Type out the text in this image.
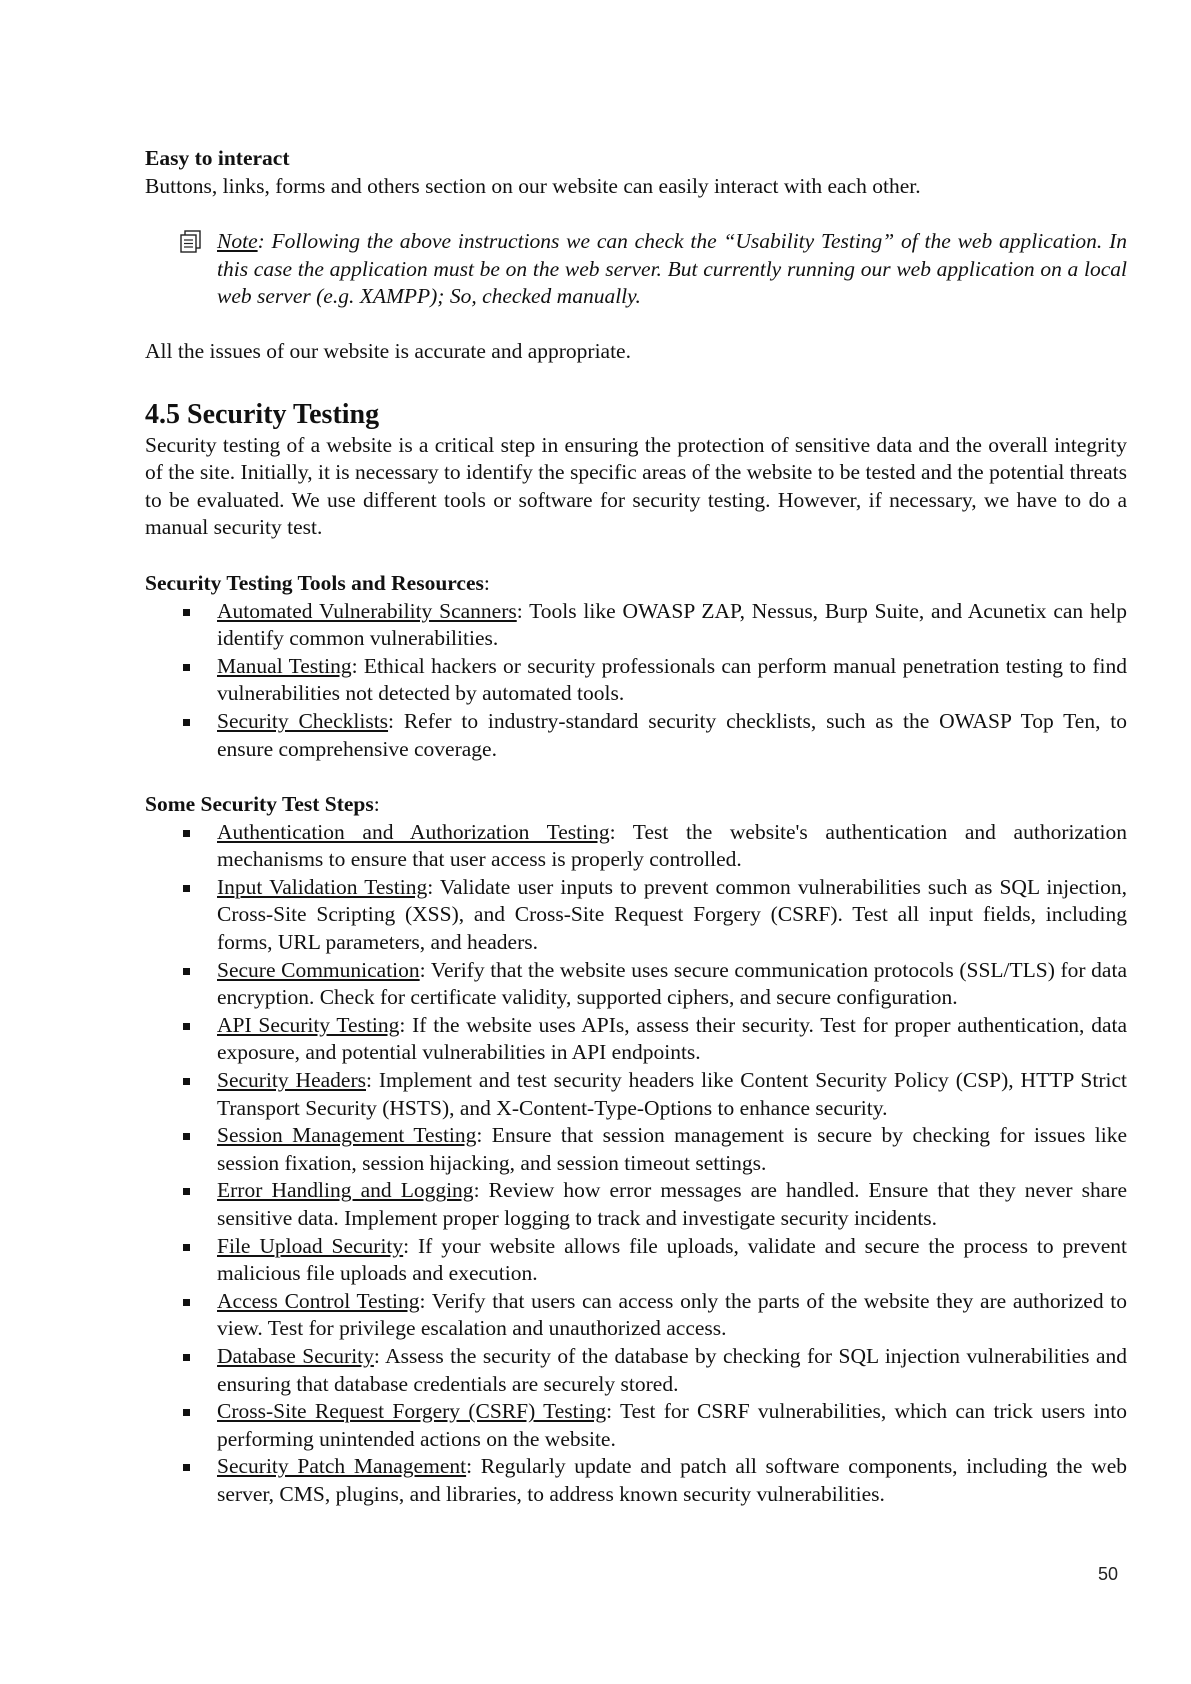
Easy to interact

Buttons, links, forms and others section on our website can easily interact with each other.

Note: Following the above instructions we can check the “Usability Testing” of the web application. In this case the application must be on the web server. But currently running our web application on a local web server (e.g. XAMPP); So, checked manually.

All the issues of our website is accurate and appropriate.

4.5 Security Testing

Security testing of a website is a critical step in ensuring the protection of sensitive data and the overall integrity of the site. Initially, it is necessary to identify the specific areas of the website to be tested and the potential threats to be evaluated. We use different tools or software for security testing. However, if necessary, we have to do a manual security test.

Security Testing Tools and Resources:

Automated Vulnerability Scanners: Tools like OWASP ZAP, Nessus, Burp Suite, and Acunetix can help identify common vulnerabilities.
Manual Testing: Ethical hackers or security professionals can perform manual penetration testing to find vulnerabilities not detected by automated tools.
Security Checklists: Refer to industry-standard security checklists, such as the OWASP Top Ten, to ensure comprehensive coverage.

Some Security Test Steps:

Authentication and Authorization Testing: Test the website's authentication and authorization mechanisms to ensure that user access is properly controlled.
Input Validation Testing: Validate user inputs to prevent common vulnerabilities such as SQL injection, Cross-Site Scripting (XSS), and Cross-Site Request Forgery (CSRF). Test all input fields, including forms, URL parameters, and headers.
Secure Communication: Verify that the website uses secure communication protocols (SSL/TLS) for data encryption. Check for certificate validity, supported ciphers, and secure configuration.
API Security Testing: If the website uses APIs, assess their security. Test for proper authentication, data exposure, and potential vulnerabilities in API endpoints.
Security Headers: Implement and test security headers like Content Security Policy (CSP), HTTP Strict Transport Security (HSTS), and X-Content-Type-Options to enhance security.
Session Management Testing: Ensure that session management is secure by checking for issues like session fixation, session hijacking, and session timeout settings.
Error Handling and Logging: Review how error messages are handled. Ensure that they never share sensitive data. Implement proper logging to track and investigate security incidents.
File Upload Security: If your website allows file uploads, validate and secure the process to prevent malicious file uploads and execution.
Access Control Testing: Verify that users can access only the parts of the website they are authorized to view. Test for privilege escalation and unauthorized access.
Database Security: Assess the security of the database by checking for SQL injection vulnerabilities and ensuring that database credentials are securely stored.
Cross-Site Request Forgery (CSRF) Testing: Test for CSRF vulnerabilities, which can trick users into performing unintended actions on the website.
Security Patch Management: Regularly update and patch all software components, including the web server, CMS, plugins, and libraries, to address known security vulnerabilities.
50
